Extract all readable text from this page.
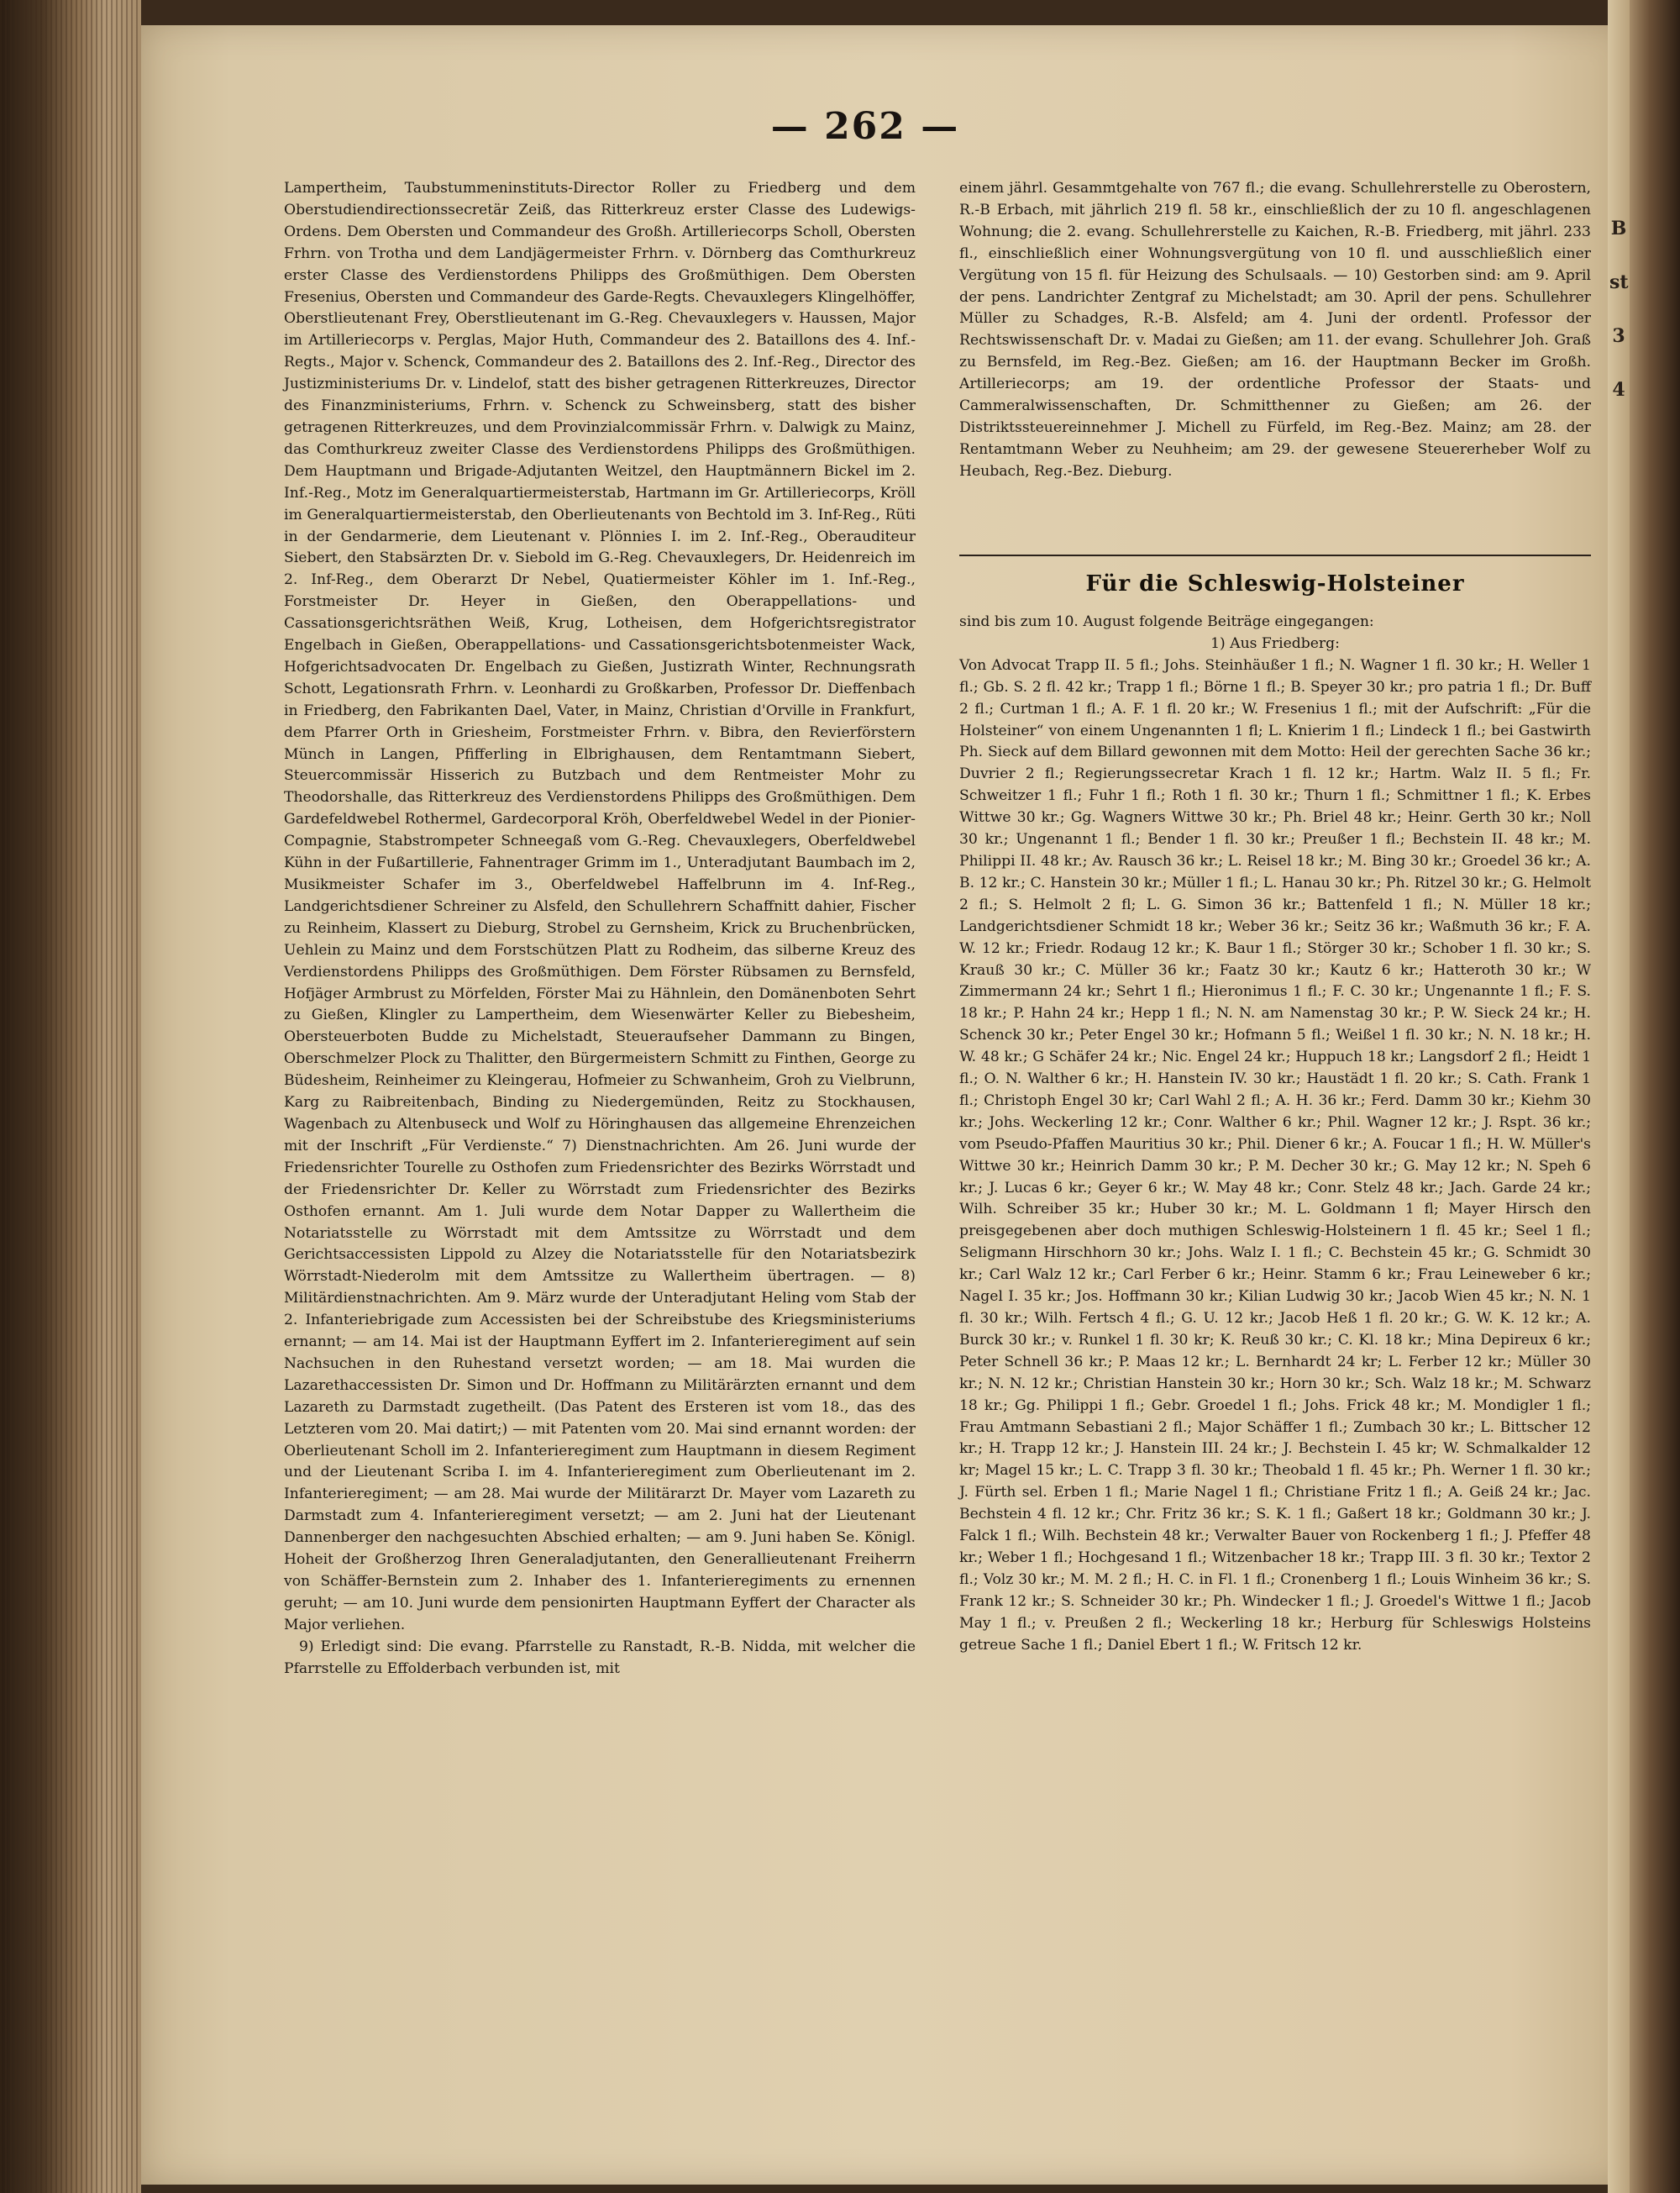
— 262 —

Lampertheim, Taubstummeninstituts-Director Roller zu Friedberg und dem Oberstudiendirectionssecretär Zeiß, das Ritterkreuz erster Classe des Ludewigs-Ordens. Dem Obersten und Commandeur des Großh. Artilleriecorps Scholl, Obersten Frhrn. von Trotha und dem Landjägermeister Frhrn. v. Dörnberg das Comthurkreuz erster Classe des Verdienstordens Philipps des Großmüthigen. Dem Obersten Fresenius, Obersten und Commandeur des Garde-Regts. Chevauxlegers Klingelhöffer, Oberstlieutenant Frey, Oberstlieutenant im G.-Reg. Chevauxlegers v. Haussen, Major im Artilleriecorps v. Perglas, Major Huth, Commandeur des 2. Bataillons des 4. Inf.-Regts., Major v. Schenck, Commandeur des 2. Bataillons des 2. Inf.-Reg., Director des Justizministeriums Dr. v. Lindelof, statt des bisher getragenen Ritterkreuzes, Director des Finanzministeriums, Frhrn. v. Schenck zu Schweinsberg, statt des bisher getragenen Ritterkreuzes, und dem Provinzialcommissär Frhrn. v. Dalwigk zu Mainz, das Comthurkreuz zweiter Classe des Verdienstordens Philipps des Großmüthigen. Dem Hauptmann und Brigade-Adjutanten Weitzel, den Hauptmännern Bickel im 2. Inf.-Reg., Motz im Generalquartiermeisterstab, Hartmann im Gr. Artilleriecorps, Kröll im Generalquartiermeisterstab, den Oberlieutenants von Bechtold im 3. Inf-Reg., Rüti in der Gendarmerie, dem Lieutenant v. Plönnies I. im 2. Inf.-Reg., Oberauditeur Siebert, den Stabsärzten Dr. v. Siebold im G.-Reg. Chevauxlegers, Dr. Heidenreich im 2. Inf-Reg., dem Oberarzt Dr Nebel, Quatiermeister Köhler im 1. Inf.-Reg., Forstmeister Dr. Heyer in Gießen, den Oberappellations- und Cassationsgerichtsräthen Weiß, Krug, Lotheisen, dem Hofgerichtsregistrator Engelbach in Gießen, Oberappellations- und Cassationsgerichtsbotenmeister Wack, Hofgerichtsadvocaten Dr. Engelbach zu Gießen, Justizrath Winter, Rechnungsrath Schott, Legationsrath Frhrn. v. Leonhardi zu Großkarben, Professor Dr. Dieffenbach in Friedberg, den Fabrikanten Dael, Vater, in Mainz, Christian d'Orville in Frankfurt, dem Pfarrer Orth in Griesheim, Forstmeister Frhrn. v. Bibra, den Revierförstern Münch in Langen, Pfifferling in Elbrighausen, dem Rentamtmann Siebert, Steuercommissär Hisserich zu Butzbach und dem Rentmeister Mohr zu Theodorshalle, das Ritterkreuz des Verdienstordens Philipps des Großmüthigen. Dem Gardefeldwebel Rothermel, Gardecorporal Kröh, Oberfeldwebel Wedel in der Pionier-Compagnie, Stabstrompeter Schneegaß vom G.-Reg. Chevauxlegers, Oberfeldwebel Kühn in der Fußartillerie, Fahnentrager Grimm im 1., Unteradjutant Baumbach im 2, Musikmeister Schafer im 3., Oberfeldwebel Haffelbrunn im 4. Inf-Reg., Landgerichtsdiener Schreiner zu Alsfeld, den Schullehrern Schaffnitt dahier, Fischer zu Reinheim, Klassert zu Dieburg, Strobel zu Gernsheim, Krick zu Bruchenbrücken, Uehlein zu Mainz und dem Forstschützen Platt zu Rodheim, das silberne Kreuz des Verdienstordens Philipps des Großmüthigen. Dem Förster Rübsamen zu Bernsfeld, Hofjäger Armbrust zu Mörfelden, Förster Mai zu Hähnlein, den Domänenboten Sehrt zu Gießen, Klingler zu Lampertheim, dem Wiesenwärter Keller zu Biebesheim, Obersteuerboten Budde zu Michelstadt, Steueraufseher Dammann zu Bingen, Oberschmelzer Plock zu Thalitter, den Bürgermeistern Schmitt zu Finthen, George zu Büdesheim, Reinheimer zu Kleingerau, Hofmeier zu Schwanheim, Groh zu Vielbrunn, Karg zu Raibreitenbach, Binding zu Niedergemünden, Reitz zu Stockhausen, Wagenbach zu Altenbuseck und Wolf zu Höringhausen das allgemeine Ehrenzeichen mit der Inschrift „Für Verdienste.“ 7) Dienstnachrichten. Am 26. Juni wurde der Friedensrichter Tourelle zu Osthofen zum Friedensrichter des Bezirks Wörrstadt und der Friedensrichter Dr. Keller zu Wörrstadt zum Friedensrichter des Bezirks Osthofen ernannt. Am 1. Juli wurde dem Notar Dapper zu Wallertheim die Notariatsstelle zu Wörrstadt mit dem Amtssitze zu Wörrstadt und dem Gerichtsaccessisten Lippold zu Alzey die Notariatsstelle für den Notariatsbezirk Wörrstadt-Niederolm mit dem Amtssitze zu Wallertheim übertragen. — 8) Militärdienstnachrichten. Am 9. März wurde der Unteradjutant Heling vom Stab der 2. Infanteriebrigade zum Accessisten bei der Schreibstube des Kriegsministeriums ernannt; — am 14. Mai ist der Hauptmann Eyffert im 2. Infanterieregiment auf sein Nachsuchen in den Ruhestand versetzt worden; — am 18. Mai wurden die Lazarethaccessisten Dr. Simon und Dr. Hoffmann zu Militärärzten ernannt und dem Lazareth zu Darmstadt zugetheilt. (Das Patent des Ersteren ist vom 18., das des Letzteren vom 20. Mai datirt;) — mit Patenten vom 20. Mai sind ernannt worden: der Oberlieutenant Scholl im 2. Infanterieregiment zum Hauptmann in diesem Regiment und der Lieutenant Scriba I. im 4. Infanterieregiment zum Oberlieutenant im 2. Infanterieregiment; — am 28. Mai wurde der Militärarzt Dr. Mayer vom Lazareth zu Darmstadt zum 4. Infanterieregiment versetzt; — am 2. Juni hat der Lieutenant Dannenberger den nachgesuchten Abschied erhalten; — am 9. Juni haben Se. Königl. Hoheit der Großherzog Ihren Generaladjutanten, den Generallieutenant Freiherrn von Schäffer-Bernstein zum 2. Inhaber des 1. Infanterieregiments zu ernennen geruht; — am 10. Juni wurde dem pensionirten Hauptmann Eyffert der Character als Major verliehen.

9) Erledigt sind: Die evang. Pfarrstelle zu Ranstadt, R.-B. Nidda, mit welcher die Pfarrstelle zu Effolderbach verbunden ist, mit

einem jährl. Gesammtgehalte von 767 fl.; die evang. Schullehrerstelle zu Oberostern, R.-B Erbach, mit jährlich 219 fl. 58 kr., einschließlich der zu 10 fl. angeschlagenen Wohnung; die 2. evang. Schullehrerstelle zu Kaichen, R.-B. Friedberg, mit jährl. 233 fl., einschließlich einer Wohnungsvergütung von 10 fl. und ausschließlich einer Vergütung von 15 fl. für Heizung des Schulsaals. — 10) Gestorben sind: am 9. April der pens. Landrichter Zentgraf zu Michelstadt; am 30. April der pens. Schullehrer Müller zu Schadges, R.-B. Alsfeld; am 4. Juni der ordentl. Professor der Rechtswissenschaft Dr. v. Madai zu Gießen; am 11. der evang. Schullehrer Joh. Graß zu Bernsfeld, im Reg.-Bez. Gießen; am 16. der Hauptmann Becker im Großh. Artilleriecorps; am 19. der ordentliche Professor der Staats- und Cammeralwissenschaften, Dr. Schmitthenner zu Gießen; am 26. der Distriktssteuereinnehmer J. Michell zu Fürfeld, im Reg.-Bez. Mainz; am 28. der Rentamtmann Weber zu Neuhheim; am 29. der gewesene Steuererheber Wolf zu Heubach, Reg.-Bez. Dieburg.

Für die Schleswig-Holsteiner

sind bis zum 10. August folgende Beiträge eingegangen:

1) Aus Friedberg:

Von Advocat Trapp II. 5 fl.; Johs. Steinhäußer 1 fl.; N. Wagner 1 fl. 30 kr.; H. Weller 1 fl.; Gb. S. 2 fl. 42 kr.; Trapp 1 fl.; Börne 1 fl.; B. Speyer 30 kr.; pro patria 1 fl.; Dr. Buff 2 fl.; Curtman 1 fl.; A. F. 1 fl. 20 kr.; W. Fresenius 1 fl.; mit der Aufschrift: „Für die Holsteiner“ von einem Ungenannten 1 fl; L. Knierim 1 fl.; Lindeck 1 fl.; bei Gastwirth Ph. Sieck auf dem Billard gewonnen mit dem Motto: Heil der gerechten Sache 36 kr.; Duvrier 2 fl.; Regierungssecretar Krach 1 fl. 12 kr.; Hartm. Walz II. 5 fl.; Fr. Schweitzer 1 fl.; Fuhr 1 fl.; Roth 1 fl. 30 kr.; Thurn 1 fl.; Schmittner 1 fl.; K. Erbes Wittwe 30 kr.; Gg. Wagners Wittwe 30 kr.; Ph. Briel 48 kr.; Heinr. Gerth 30 kr.; Noll 30 kr.; Ungenannt 1 fl.; Bender 1 fl. 30 kr.; Preußer 1 fl.; Bechstein II. 48 kr.; M. Philippi II. 48 kr.; Av. Rausch 36 kr.; L. Reisel 18 kr.; M. Bing 30 kr.; Groedel 36 kr.; A. B. 12 kr.; C. Hanstein 30 kr.; Müller 1 fl.; L. Hanau 30 kr.; Ph. Ritzel 30 kr.; G. Helmolt 2 fl.; S. Helmolt 2 fl; L. G. Simon 36 kr.; Battenfeld 1 fl.; N. Müller 18 kr.; Landgerichtsdiener Schmidt 18 kr.; Weber 36 kr.; Seitz 36 kr.; Waßmuth 36 kr.; F. A. W. 12 kr.; Friedr. Rodaug 12 kr.; K. Baur 1 fl.; Störger 30 kr.; Schober 1 fl. 30 kr.; S. Krauß 30 kr.; C. Müller 36 kr.; Faatz 30 kr.; Kautz 6 kr.; Hatteroth 30 kr.; W Zimmermann 24 kr.; Sehrt 1 fl.; Hieronimus 1 fl.; F. C. 30 kr.; Ungenannte 1 fl.; F. S. 18 kr.; P. Hahn 24 kr.; Hepp 1 fl.; N. N. am Namenstag 30 kr.; P. W. Sieck 24 kr.; H. Schenck 30 kr.; Peter Engel 30 kr.; Hofmann 5 fl.; Weißel 1 fl. 30 kr.; N. N. 18 kr.; H. W. 48 kr.; G Schäfer 24 kr.; Nic. Engel 24 kr.; Huppuch 18 kr.; Langsdorf 2 fl.; Heidt 1 fl.; O. N. Walther 6 kr.; H. Hanstein IV. 30 kr.; Haustädt 1 fl. 20 kr.; S. Cath. Frank 1 fl.; Christoph Engel 30 kr; Carl Wahl 2 fl.; A. H. 36 kr.; Ferd. Damm 30 kr.; Kiehm 30 kr.; Johs. Weckerling 12 kr.; Conr. Walther 6 kr.; Phil. Wagner 12 kr.; J. Rspt. 36 kr.; vom Pseudo-Pfaffen Mauritius 30 kr.; Phil. Diener 6 kr.; A. Foucar 1 fl.; H. W. Müller's Wittwe 30 kr.; Heinrich Damm 30 kr.; P. M. Decher 30 kr.; G. May 12 kr.; N. Speh 6 kr.; J. Lucas 6 kr.; Geyer 6 kr.; W. May 48 kr.; Conr. Stelz 48 kr.; Jach. Garde 24 kr.; Wilh. Schreiber 35 kr.; Huber 30 kr.; M. L. Goldmann 1 fl; Mayer Hirsch den preisgegebenen aber doch muthigen Schleswig-Holsteinern 1 fl. 45 kr.; Seel 1 fl.; Seligmann Hirschhorn 30 kr.; Johs. Walz I. 1 fl.; C. Bechstein 45 kr.; G. Schmidt 30 kr.; Carl Walz 12 kr.; Carl Ferber 6 kr.; Heinr. Stamm 6 kr.; Frau Leineweber 6 kr.; Nagel I. 35 kr.; Jos. Hoffmann 30 kr.; Kilian Ludwig 30 kr.; Jacob Wien 45 kr.; N. N. 1 fl. 30 kr.; Wilh. Fertsch 4 fl.; G. U. 12 kr.; Jacob Heß 1 fl. 20 kr.; G. W. K. 12 kr.; A. Burck 30 kr.; v. Runkel 1 fl. 30 kr; K. Reuß 30 kr.; C. Kl. 18 kr.; Mina Depireux 6 kr.; Peter Schnell 36 kr.; P. Maas 12 kr.; L. Bernhardt 24 kr; L. Ferber 12 kr.; Müller 30 kr.; N. N. 12 kr.; Christian Hanstein 30 kr.; Horn 30 kr.; Sch. Walz 18 kr.; M. Schwarz 18 kr.; Gg. Philippi 1 fl.; Gebr. Groedel 1 fl.; Johs. Frick 48 kr.; M. Mondigler 1 fl.; Frau Amtmann Sebastiani 2 fl.; Major Schäffer 1 fl.; Zumbach 30 kr.; L. Bittscher 12 kr.; H. Trapp 12 kr.; J. Hanstein III. 24 kr.; J. Bechstein I. 45 kr; W. Schmalkalder 12 kr; Magel 15 kr.; L. C. Trapp 3 fl. 30 kr.; Theobald 1 fl. 45 kr.; Ph. Werner 1 fl. 30 kr.; J. Fürth sel. Erben 1 fl.; Marie Nagel 1 fl.; Christiane Fritz 1 fl.; A. Geiß 24 kr.; Jac. Bechstein 4 fl. 12 kr.; Chr. Fritz 36 kr.; S. K. 1 fl.; Gaßert 18 kr.; Goldmann 30 kr.; J. Falck 1 fl.; Wilh. Bechstein 48 kr.; Verwalter Bauer von Rockenberg 1 fl.; J. Pfeffer 48 kr.; Weber 1 fl.; Hochgesand 1 fl.; Witzenbacher 18 kr.; Trapp III. 3 fl. 30 kr.; Textor 2 fl.; Volz 30 kr.; M. M. 2 fl.; H. C. in Fl. 1 fl.; Cronenberg 1 fl.; Louis Winheim 36 kr.; S. Frank 12 kr.; S. Schneider 30 kr.; Ph. Windecker 1 fl.; J. Groedel's Wittwe 1 fl.; Jacob May 1 fl.; v. Preußen 2 fl.; Weckerling 18 kr.; Herburg für Schleswigs Holsteins getreue Sache 1 fl.; Daniel Ebert 1 fl.; W. Fritsch 12 kr.

B
st
3
4
